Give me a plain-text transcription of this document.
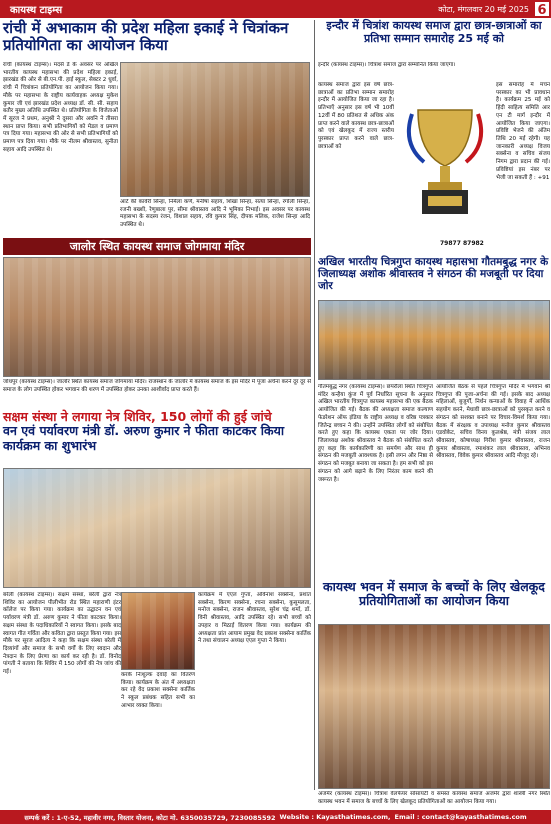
कायस्थ टाइम्स	कोटा, मंगलवार 20 मई 2025 6
रांची में अभाकाम की प्रदेश महिला इकाई ने चित्रांकन प्रतियोगिता का आयोजन किया
रांची (कायस्थ टाइम्स)। मदर्स डे के अवसर पर अखिल भारतीय कायस्थ महासभा की प्रदेश महिला इकाई, झारखंड की ओर से बी.एन.पी. हाई स्कूल, सेक्टर 2 धुर्वा, रांची में चित्रांकन प्रतियोगिता का आयोजन किया गया। मौके पर महासभा के राष्ट्रीय कार्यवाहक अध्यक्ष मुकेश कुमार जी एवं झारखंड प्रदेश अध्यक्ष डॉ. सी. सी. सहाय बतौर मुख्य अतिथि उपस्थित थे। प्रतियोगिता के विजेताओं में सूरज ने प्रथम, अनुश्री ने दूसरा और अवनि ने तीसरा स्थान प्राप्त किया। सभी प्रतिभागियों को मेडल व प्रमाण पत्र दिया गया। महासभा की ओर से सभी प्रतिभागियों को प्रमाण पत्र दिया गया। मौके पर नीलम श्रीवास्तव, सुनीता सहाय आदि उपस्थित थे।
आर्ट की कावेरी सिन्हा, निर्मला कर्ण, मनीषा सहाय, शिखा सिन्हा, सत्या सिन्हा, रंगोली सिन्हा, रजनी बख्शी, रेणुबाला पुर, सीमा श्रीवास्तव आदि ने भूमिका निभाई। इस अवसर पर कायस्थ महासभा के सदस्य रंजन, विशाल सहाय, रवि कुमार सिंह, दीपक मलिक, राजेश सिन्हा आदि उपस्थित थे।
इन्दौर में चित्रांश कायस्थ समाज द्वारा छात्र-छात्राओं का प्रतिभा सम्मान समारोह 25 मई को
इन्दौर (कायस्थ टाइम्स)। चित्रांश समाज द्वारा सम्मानित किया जाएगा।
कायस्थ समाज द्वारा इस वर्ष छात्र-छात्राओं का प्रतिभा सम्मान समारोह इन्दौर में आयोजित किया जा रहा है। प्रतिभाएँ अनुसार इस वर्ष भी 10वीं 12वीं में 80 प्रतिशत से अधिक अंक प्राप्त करने वाले कायस्थ छात्र-छात्राओं को एवं खेलकूद में राज्य स्तरीय पुरस्कार प्राप्त करने वाले छात्र-छात्राओं को
इस समारोह में मंचन परस्कार का भी प्रावधान है। कार्यक्रम 25 मई को हिंदी साहित्य समिति आर एन टी मार्ग इन्दौर में आयोजित किया जाएगा। प्रविष्टि भेजने की अंतिम तिथि 20 मई रहेगी। यह जानकारी अध्यक्ष विजय सक्सेना व सचिव संजय निगम द्वारा प्रदान की गई। प्रविष्टियां इस नंबर पर भेजी जा सकती हैं : +91
79877 87982
जालोर स्थित कायस्थ समाज जोगमाया मंदिर
जोधपुर (कायस्थ टाइम्स)। जालोर स्थित कायस्थ समाज जोगमाया मंदिर। राजस्थान के जालोर में कायस्थ समाज के इस मंदिर में पूजा अर्चना करने दूर दूर से समाज के लोग उपस्थित होकर भगवान की शरण में उपस्थित होकर उनका आशीर्वाद प्राप्त करते हैं।
अखिल भारतीय चित्रगुप्त कायस्थ महासभा गौतमबुद्ध नगर के जिलाध्यक्ष अशोक श्रीवास्तव ने संगठन की मजबूती पर दिया जोर
गौतमबुद्ध नगर (कायस्थ टाइम्स)। छपरौला स्थित चित्रगुप्त मंदिर कन्हैया कुंज में पूर्व निर्धारित सूचना के अनुसार अखिल भारतीय चित्रगुप्त कायस्थ महासभा की एक बैठक आयोजित की गई। बैठक की अध्यक्षता समाज कल्याण फेडरेशन ऑफ इंडिया के राष्ट्रीय अध्यक्ष व वरिष्ठ पत्रकार जितेन्द्र बच्चन ने की। उन्होंने उपस्थित लोगों को संबोधित करते हुए कहा कि कायस्थ एकता पर जोर दिया। जिलाध्यक्ष अशोक श्रीवास्तव ने बैठक को संबोधित करते हुए कहा कि कार्यकारिणी का समर्पण और साथ ही संगठन की मजबूती आवश्यक है। इसी लगन और निष्ठा से संगठन को मजबूत बनाया जा सकता है। हम सभी को इस संगठन को आगे बढ़ाने के लिए निरंतर काम करने की जरूरत है।
आयोजित बैठक से पहले चित्रगुप्त मंदिर में भगवान श्री चित्रगुप्त की पूजा-अर्चना की गई। इसके बाद अध्यक्ष महिलाओं, बुजुर्गों, निर्धन कन्याओं के विवाह में आर्थिक सहयोग करने, मेधावी छात्र-छात्राओं को पुरस्कृत करने व संगठन को सशक्त बनाने पर विचार-विमर्श किया गया। बैठक में संरक्षक व उपाध्यक्ष मनोज कुमार श्रीवास्तव एडवोकेट, सचिव विनय कुलश्रेष्ठ, मंत्री संजय लाल श्रीवास्तव, कोषाध्यक्ष गिरीश कुमार श्रीवास्तव, राजन कुमार श्रीवास्तव, रमाशंकर लाल श्रीवास्तव, अभिनव श्रीवास्तव, विवेक कुमार श्रीवास्तव आदि मौजूद रहे।
सक्षम संस्था ने लगाया नेत्र शिविर, 150 लोगों की हुई जांचे
वन एवं पर्यावरण मंत्री डॉ. अरुण कुमार ने फीता काटकर किया कार्यक्रम का शुभारंभ
बरेली (कायस्थ टाइम्स)। सक्षम संस्था, बरेली द्वारा नेत्र शिविर का आयोजन पीलीभीत रोड स्थित महाराणी इंटर कॉलेज पर किया गया। कार्यक्रम का उद्घाटन वन एवं पर्यावरण मंत्री डॉ. अरुण कुमार ने फीता काटकर किया। सक्षम संस्था के पदाधिकारियों ने स्वागत किया। इसके बाद स्वागत गीत गर्विता और कविता द्वारा प्रस्तुत किया गया। इस मौके पर सूरज आदित्य ने कहा कि सक्षम संस्था बरेली में दिव्यांगों और समाज के सभी वर्गों के लिए स्वदान और नेत्रदान के लिए प्रेरणा का कार्य कर रही है। डॉ. विनोद पांगती ने बताया कि शिविर में 150 लोगों की नेत्र जांच की गई।	करके निःशुल्क दवाई का वितरण किया। कार्यक्रम के अंत में अध्यक्षता कर रहे वेद प्रकाश सक्सेना कार्तिक ने स्कूल प्रबंधक सहित सभी का आभार व्यक्त किया।
कार्यक्रम में एएल गुप्ता, अविनाश सक्सेना, प्रशांत सक्सेना, किरण सक्सेना, रचना सक्सेना, कुसुमलता, मनोज सक्सेना, राजन श्रीवास्तव, सुरेश चंद्र शर्मा, डॉ. विनी श्रीवास्तव, आदि उपस्थित रहे। सभी बच्चों को उपहार व मिठाई वितरण किया गया। कार्यक्रम की अध्यक्षता प्रांत आयाम प्रमुख वेद प्रकाश सक्सेना कार्तिक ने तथा संचालन अध्यक्ष एएल गुप्ता ने किया।
कायस्थ भवन में समाज के बच्चों के लिए खेलकूद प्रतियोगिताओं का आयोजन किया
अजमेर (कायस्थ टाइम्स)। चित्रांश वेलफेयर सोसायटी व समस्त कायस्थ समाज अजमेर द्वारा शास्त्री नगर स्थित कायस्थ भवन में समाज के बच्चों के लिए खेलकूद प्रतियोगिताओं का आयोजन किया गया।
सम्पर्क करें : 1-ए-52, महावीर नगर, विस्तार योजना, कोटा मो. 6350035729, 7230085592 Website : Kayasthatimes.com, Email : contact@kayasthatimes.com
